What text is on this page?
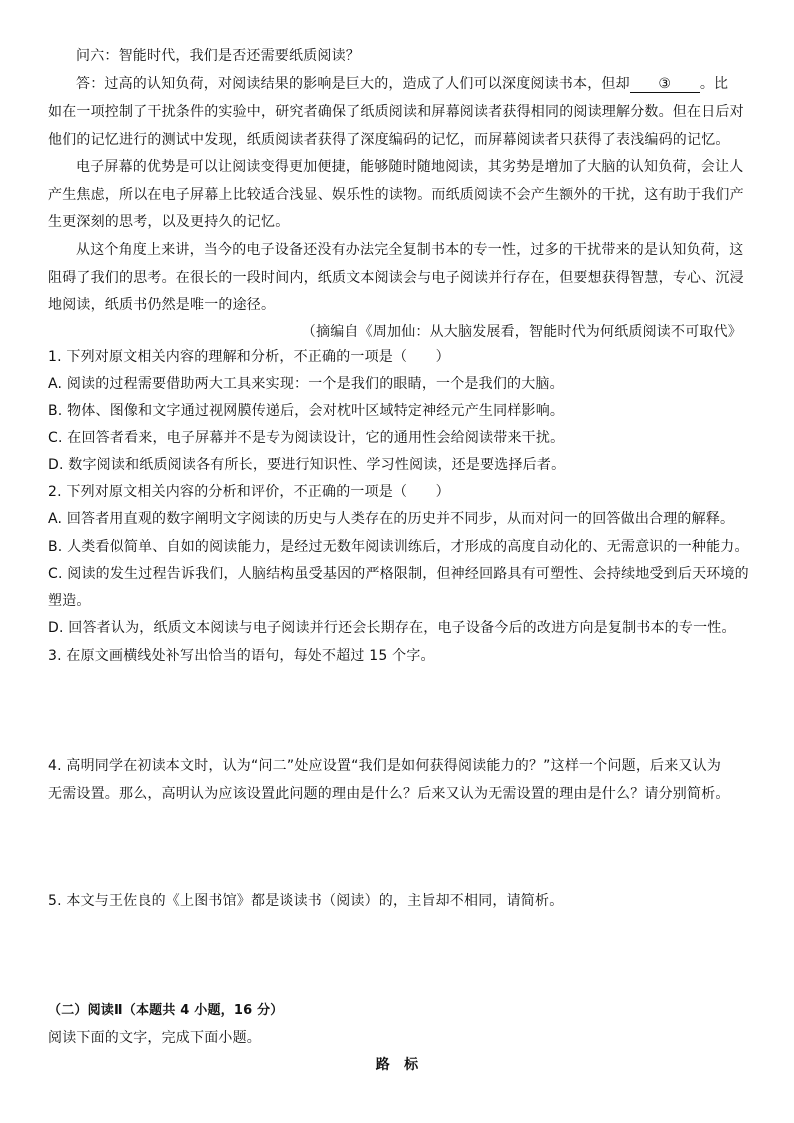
问六：智能时代，我们是否还需要纸质阅读？
答：过高的认知负荷，对阅读结果的影响是巨大的，造成了人们可以深度阅读书本，但却 ③ 。比
如在一项控制了干扰条件的实验中，研究者确保了纸质阅读和屏幕阅读者获得相同的阅读理解分数。但在日后对
他们的记忆进行的测试中发现，纸质阅读者获得了深度编码的记忆，而屏幕阅读者只获得了表浅编码的记忆。
电子屏幕的优势是可以让阅读变得更加便捷，能够随时随地阅读，其劣势是增加了大脑的认知负荷，会让人
产生焦虑，所以在电子屏幕上比较适合浅显、娱乐性的读物。而纸质阅读不会产生额外的干扰，这有助于我们产
生更深刻的思考，以及更持久的记忆。
从这个角度上来讲，当今的电子设备还没有办法完全复制书本的专一性，过多的干扰带来的是认知负荷，这
阻碍了我们的思考。在很长的一段时间内，纸质文本阅读会与电子阅读并行存在，但要想获得智慧，专心、沉浸
地阅读，纸质书仍然是唯一的途径。
（摘编自《周加仙：从大脑发展看，智能时代为何纸质阅读不可取代》
1. 下列对原文相关内容的理解和分析，不正确的一项是（　　）
A. 阅读的过程需要借助两大工具来实现：一个是我们的眼睛，一个是我们的大脑。
B. 物体、图像和文字通过视网膜传递后，会对枕叶区域特定神经元产生同样影响。
C. 在回答者看来，电子屏幕并不是专为阅读设计，它的通用性会给阅读带来干扰。
D. 数字阅读和纸质阅读各有所长，要进行知识性、学习性阅读，还是要选择后者。
2. 下列对原文相关内容的分析和评价，不正确的一项是（　　）
A. 回答者用直观的数字阐明文字阅读的历史与人类存在的历史并不同步，从而对问一的回答做出合理的解释。
B. 人类看似简单、自如的阅读能力，是经过无数年阅读训练后，才形成的高度自动化的、无需意识的一种能力。
C. 阅读的发生过程告诉我们，人脑结构虽受基因的严格限制，但神经回路具有可塑性、会持续地受到后天环境的
塑造。
D. 回答者认为，纸质文本阅读与电子阅读并行还会长期存在，电子设备今后的改进方向是复制书本的专一性。
3. 在原文画横线处补写出恰当的语句，每处不超过 15 个字。
4. 高明同学在初读本文时，认为“问二”处应设置“我们是如何获得阅读能力的？”这样一个问题，后来又认为
无需设置。那么，高明认为应该设置此问题的理由是什么？后来又认为无需设置的理由是什么？请分别简析。
5. 本文与王佐良的《上图书馆》都是谈读书（阅读）的，主旨却不相同，请简析。
（二）阅读Ⅱ（本题共 4 小题，16 分）
阅读下面的文字，完成下面小题。
路　标
